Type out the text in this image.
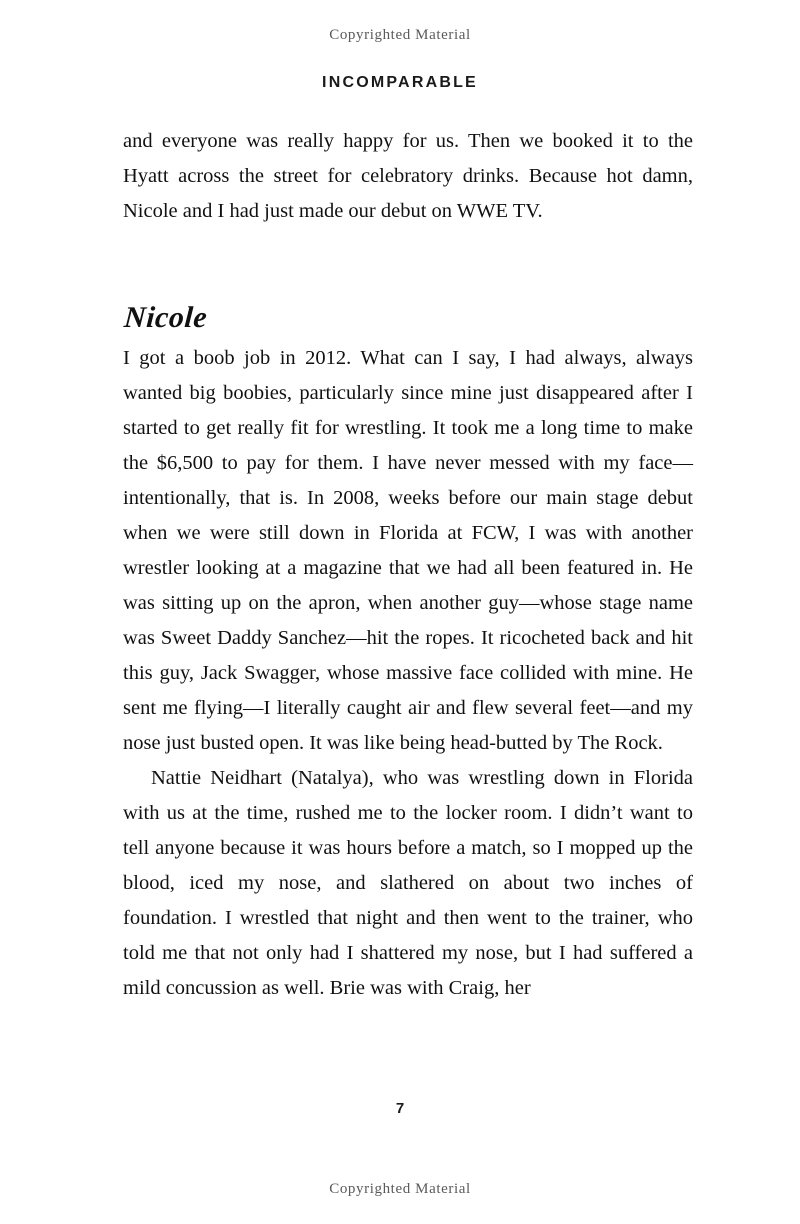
Copyrighted Material
INCOMPARABLE

and everyone was really happy for us. Then we booked it to the Hyatt across the street for celebratory drinks. Because hot damn, Nicole and I had just made our debut on WWE TV.

Nicole

I got a boob job in 2012. What can I say, I had always, always wanted big boobies, particularly since mine just disappeared after I started to get really fit for wrestling. It took me a long time to make the $6,500 to pay for them. I have never messed with my face—intentionally, that is. In 2008, weeks before our main stage debut when we were still down in Florida at FCW, I was with another wrestler looking at a magazine that we had all been featured in. He was sitting up on the apron, when another guy—whose stage name was Sweet Daddy Sanchez—hit the ropes. It ricocheted back and hit this guy, Jack Swagger, whose massive face collided with mine. He sent me flying—I literally caught air and flew several feet—and my nose just busted open. It was like being head-butted by The Rock.

Nattie Neidhart (Natalya), who was wrestling down in Florida with us at the time, rushed me to the locker room. I didn’t want to tell anyone because it was hours before a match, so I mopped up the blood, iced my nose, and slathered on about two inches of foundation. I wrestled that night and then went to the trainer, who told me that not only had I shattered my nose, but I had suffered a mild concussion as well. Brie was with Craig, her

7
Copyrighted Material
